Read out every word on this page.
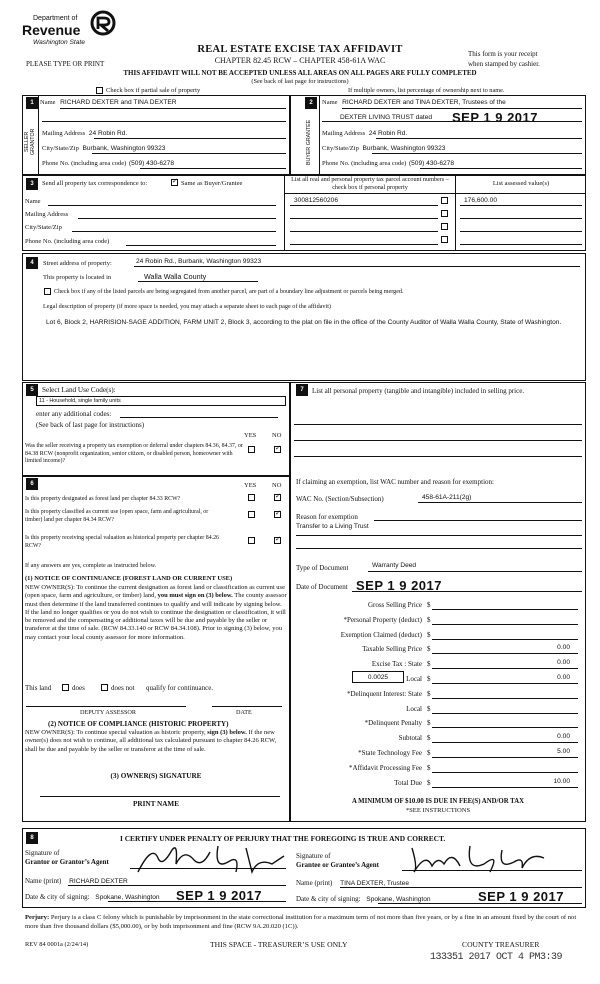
Department of
Revenue
Washington State
REAL ESTATE EXCISE TAX AFFIDAVIT
CHAPTER 82.45 RCW – CHAPTER 458-61A WAC
This form is your receipt
when stamped by cashier.
PLEASE TYPE OR PRINT
THIS AFFIDAVIT WILL NOT BE ACCEPTED UNLESS ALL AREAS ON ALL PAGES ARE FULLY COMPLETED
(See back of last page for instructions)
Check box if partial sale of property	If multiple owners, list percentage of ownership next to name.
1	2
SELLER GRANTOR	BUYER GRANTEE
Name RICHARD DEXTER and TINA DEXTER
Mailing Address 24 Robin Rd.
City/State/Zip Burbank, Washington 99323
Phone No. (including area code) (509) 430-6278
Name RICHARD DEXTER and TINA DEXTER, Trustees of the
DEXTER LIVING TRUST dated SEP 1 9 2017
Mailing Address 24 Robin Rd.
City/State/Zip Burbank, Washington 99323
Phone No. (including area code) (509) 430-6278
3	Send all property tax correspondence to:
✓	Same as Buyer/Grantee
List all real and personal property tax parcel account numbers – check box if personal property	List assessed value(s)
Name
Mailing Address
City/State/Zip
Phone No. (including area code)
300812560206	176,600.00
4	Street address of property:	24 Robin Rd., Burbank, Washington 99323
This property is located in	Walla Walla County
Check box if any of the listed parcels are being segregated from another parcel, are part of a boundary line adjustment or parcels being merged.
Legal description of property (if more space is needed, you may attach a separate sheet to each page of the affidavit)
Lot 6, Block 2, HARRISION-SAGE ADDITION, FARM UNIT 2, Block 3, according to the plat on file in the office of the County Auditor of Walla Walla County, State of Washington.
5	Select Land Use Code(s):
11 - Household, single family units
enter any additional codes:
(See back of last page for instructions)
YES NO
Was the seller receiving a property tax exemption or deferral under chapters 84.36, 84.37, or 84.38 RCW (nonprofit organization, senior citizen, or disabled person, homeowner with limited income)?
✓
7	List all personal property (tangible and intangible) included in selling price.
If claiming an exemption, list WAC number and reason for exemption:
WAC No. (Section/Subsection)	458-61A-211(2g)
Reason for exemption
Transfer to a Living Trust
Type of Document	Warranty Deed
Date of Document SEP 1 9 2017
Gross Selling Price $
*Personal Property (deduct) $
Exemption Claimed (deduct) $
Taxable Selling Price $	0.00
Excise Tax : State $	0.00
Local $	0.00
*Delinquent Interest: State $
Local $
*Delinquent Penalty $
Subtotal $	0.00
*State Technology Fee $	5.00
*Affidavit Processing Fee $
Total Due $	10.00
0.0025
A MINIMUM OF $10.00 IS DUE IN FEE(S) AND/OR TAX
*SEE INSTRUCTIONS
6	YES NO
Is this property designated as forest land per chapter 84.33 RCW?
✓
Is this property classified as current use (open space, farm and agricultural, or timber) land per chapter 84.34 RCW?
✓
Is this property receiving special valuation as historical property per chapter 84.26 RCW?
✓
If any answers are yes, complete as instructed below.
(1) NOTICE OF CONTINUANCE (FOREST LAND OR CURRENT USE)
NEW OWNER(S): To continue the current designation as forest land or classification as current use (open space, farm and agriculture, or timber) land, you must sign on (3) below. The county assessor must then determine if the land transferred continues to qualify and will indicate by signing below. If the land no longer qualifies or you do not wish to continue the designation or classification, it will be removed and the compensating or additional taxes will be due and payable by the seller or transferor at the time of sale. (RCW 84.33.140 or RCW 84.34.108). Prior to signing (3) below, you may contact your local county assessor for more information.
This land	does	does not qualify for continuance.
DEPUTY ASSESSOR	DATE
(2) NOTICE OF COMPLIANCE (HISTORIC PROPERTY)
NEW OWNER(S): To continue special valuation as historic property, sign (3) below. If the new owner(s) does not wish to continue, all additional tax calculated pursuant to chapter 84.26 RCW, shall be due and payable by the seller or transferor at the time of sale.
(3) OWNER(S) SIGNATURE
PRINT NAME
8	I CERTIFY UNDER PENALTY OF PERJURY THAT THE FOREGOING IS TRUE AND CORRECT.
Signature of
Grantor or Grantor’s Agent
Signature of
Grantee or Grantee’s Agent
Name (print) RICHARD DEXTER	Name (print) TINA DEXTER, Trustee
Date & city of signing: Spokane, Washington SEP 1 9 2017	Date & city of signing: Spokane, Washington	SEP 1 9 2017
Perjury: Perjury is a class C felony which is punishable by imprisonment in the state correctional institution for a maximum term of not more than five years, or by a fine in an amount fixed by the court of not more than five thousand dollars ($5,000.00), or by both imprisonment and fine (RCW 9A.20.020 (1C)).
REV 84 0001a (2/24/14)	THIS SPACE - TREASURER’S USE ONLY	COUNTY TREASURER
133351 2017 OCT 4 PM3:39
